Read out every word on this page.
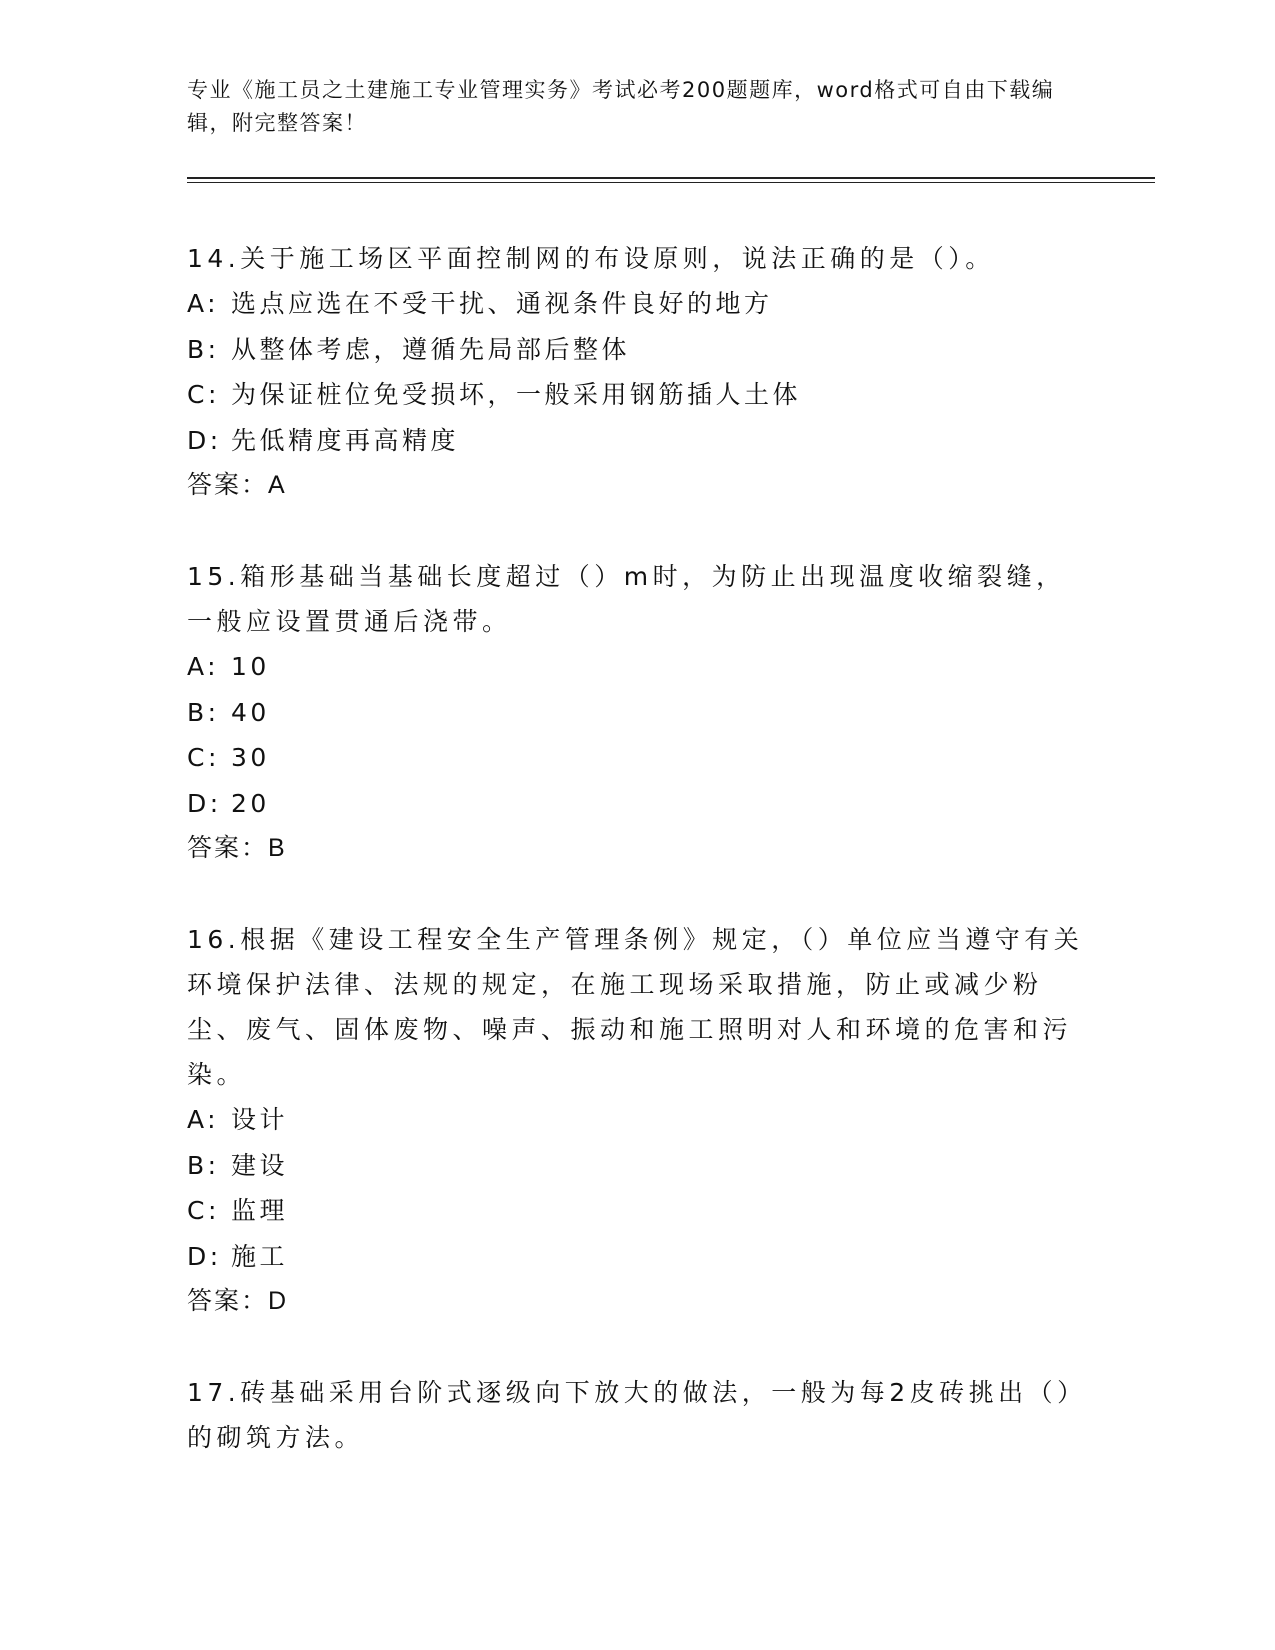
专业《施工员之土建施工专业管理实务》考试必考200题题库，word格式可自由下载编辑，附完整答案！

14.关于施工场区平面控制网的布设原则，说法正确的是（）。

A: 选点应选在不受干扰、通视条件良好的地方

B: 从整体考虑，遵循先局部后整体

C: 为保证桩位免受损坏，一般采用钢筋插人土体

D: 先低精度再高精度

答案：A

15.箱形基础当基础长度超过（）m时，为防止出现温度收缩裂缝，一般应设置贯通后浇带。

A: 10

B: 40

C: 30

D: 20

答案：B

16.根据《建设工程安全生产管理条例》规定，（）单位应当遵守有关环境保护法律、法规的规定，在施工现场采取措施，防止或减少粉尘、废气、固体废物、噪声、振动和施工照明对人和环境的危害和污染。

A: 设计

B: 建设

C: 监理

D: 施工

答案：D

17.砖基础采用台阶式逐级向下放大的做法，一般为每2皮砖挑出（）的砌筑方法。
